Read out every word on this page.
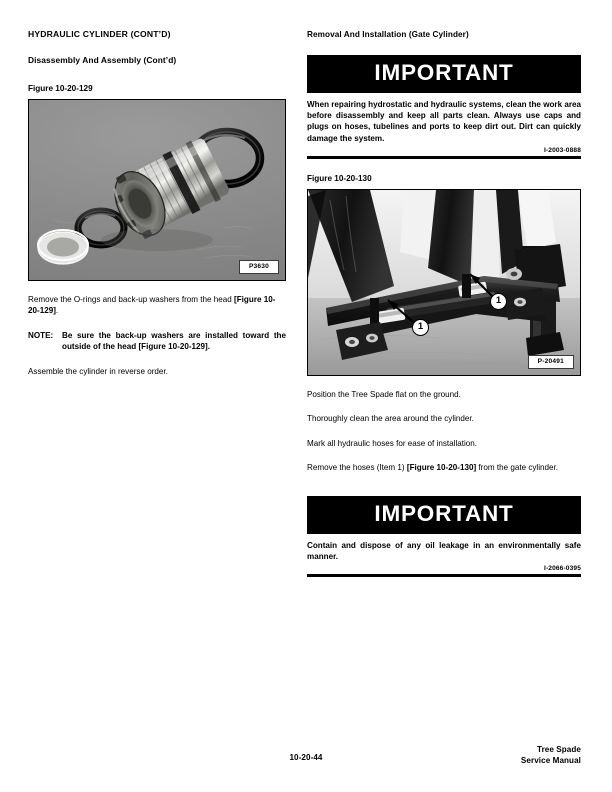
HYDRAULIC CYLINDER (CONT’D)
Disassembly And Assembly (Cont’d)
Figure 10-20-129
P3630
Remove the O-rings and back-up washers from the head [Figure 10-20-129].
NOTE: Be sure the back-up washers are installed toward the outside of the head [Figure 10-20-129].
Assemble the cylinder in reverse order.
Removal And Installation (Gate Cylinder)
IMPORTANT
When repairing hydrostatic and hydraulic systems, clean the work area before disassembly and keep all parts clean. Always use caps and plugs on hoses, tubelines and ports to keep dirt out. Dirt can quickly damage the system.
I-2003-0888
Figure 10-20-130
1
1
P-20491
Position the Tree Spade flat on the ground.
Thoroughly clean the area around the cylinder.
Mark all hydraulic hoses for ease of installation.
Remove the hoses (Item 1) [Figure 10-20-130] from the gate cylinder.
IMPORTANT
Contain and dispose of any oil leakage in an environmentally safe manner.
I-2066-0395
10-20-44
Tree Spade
Service Manual
